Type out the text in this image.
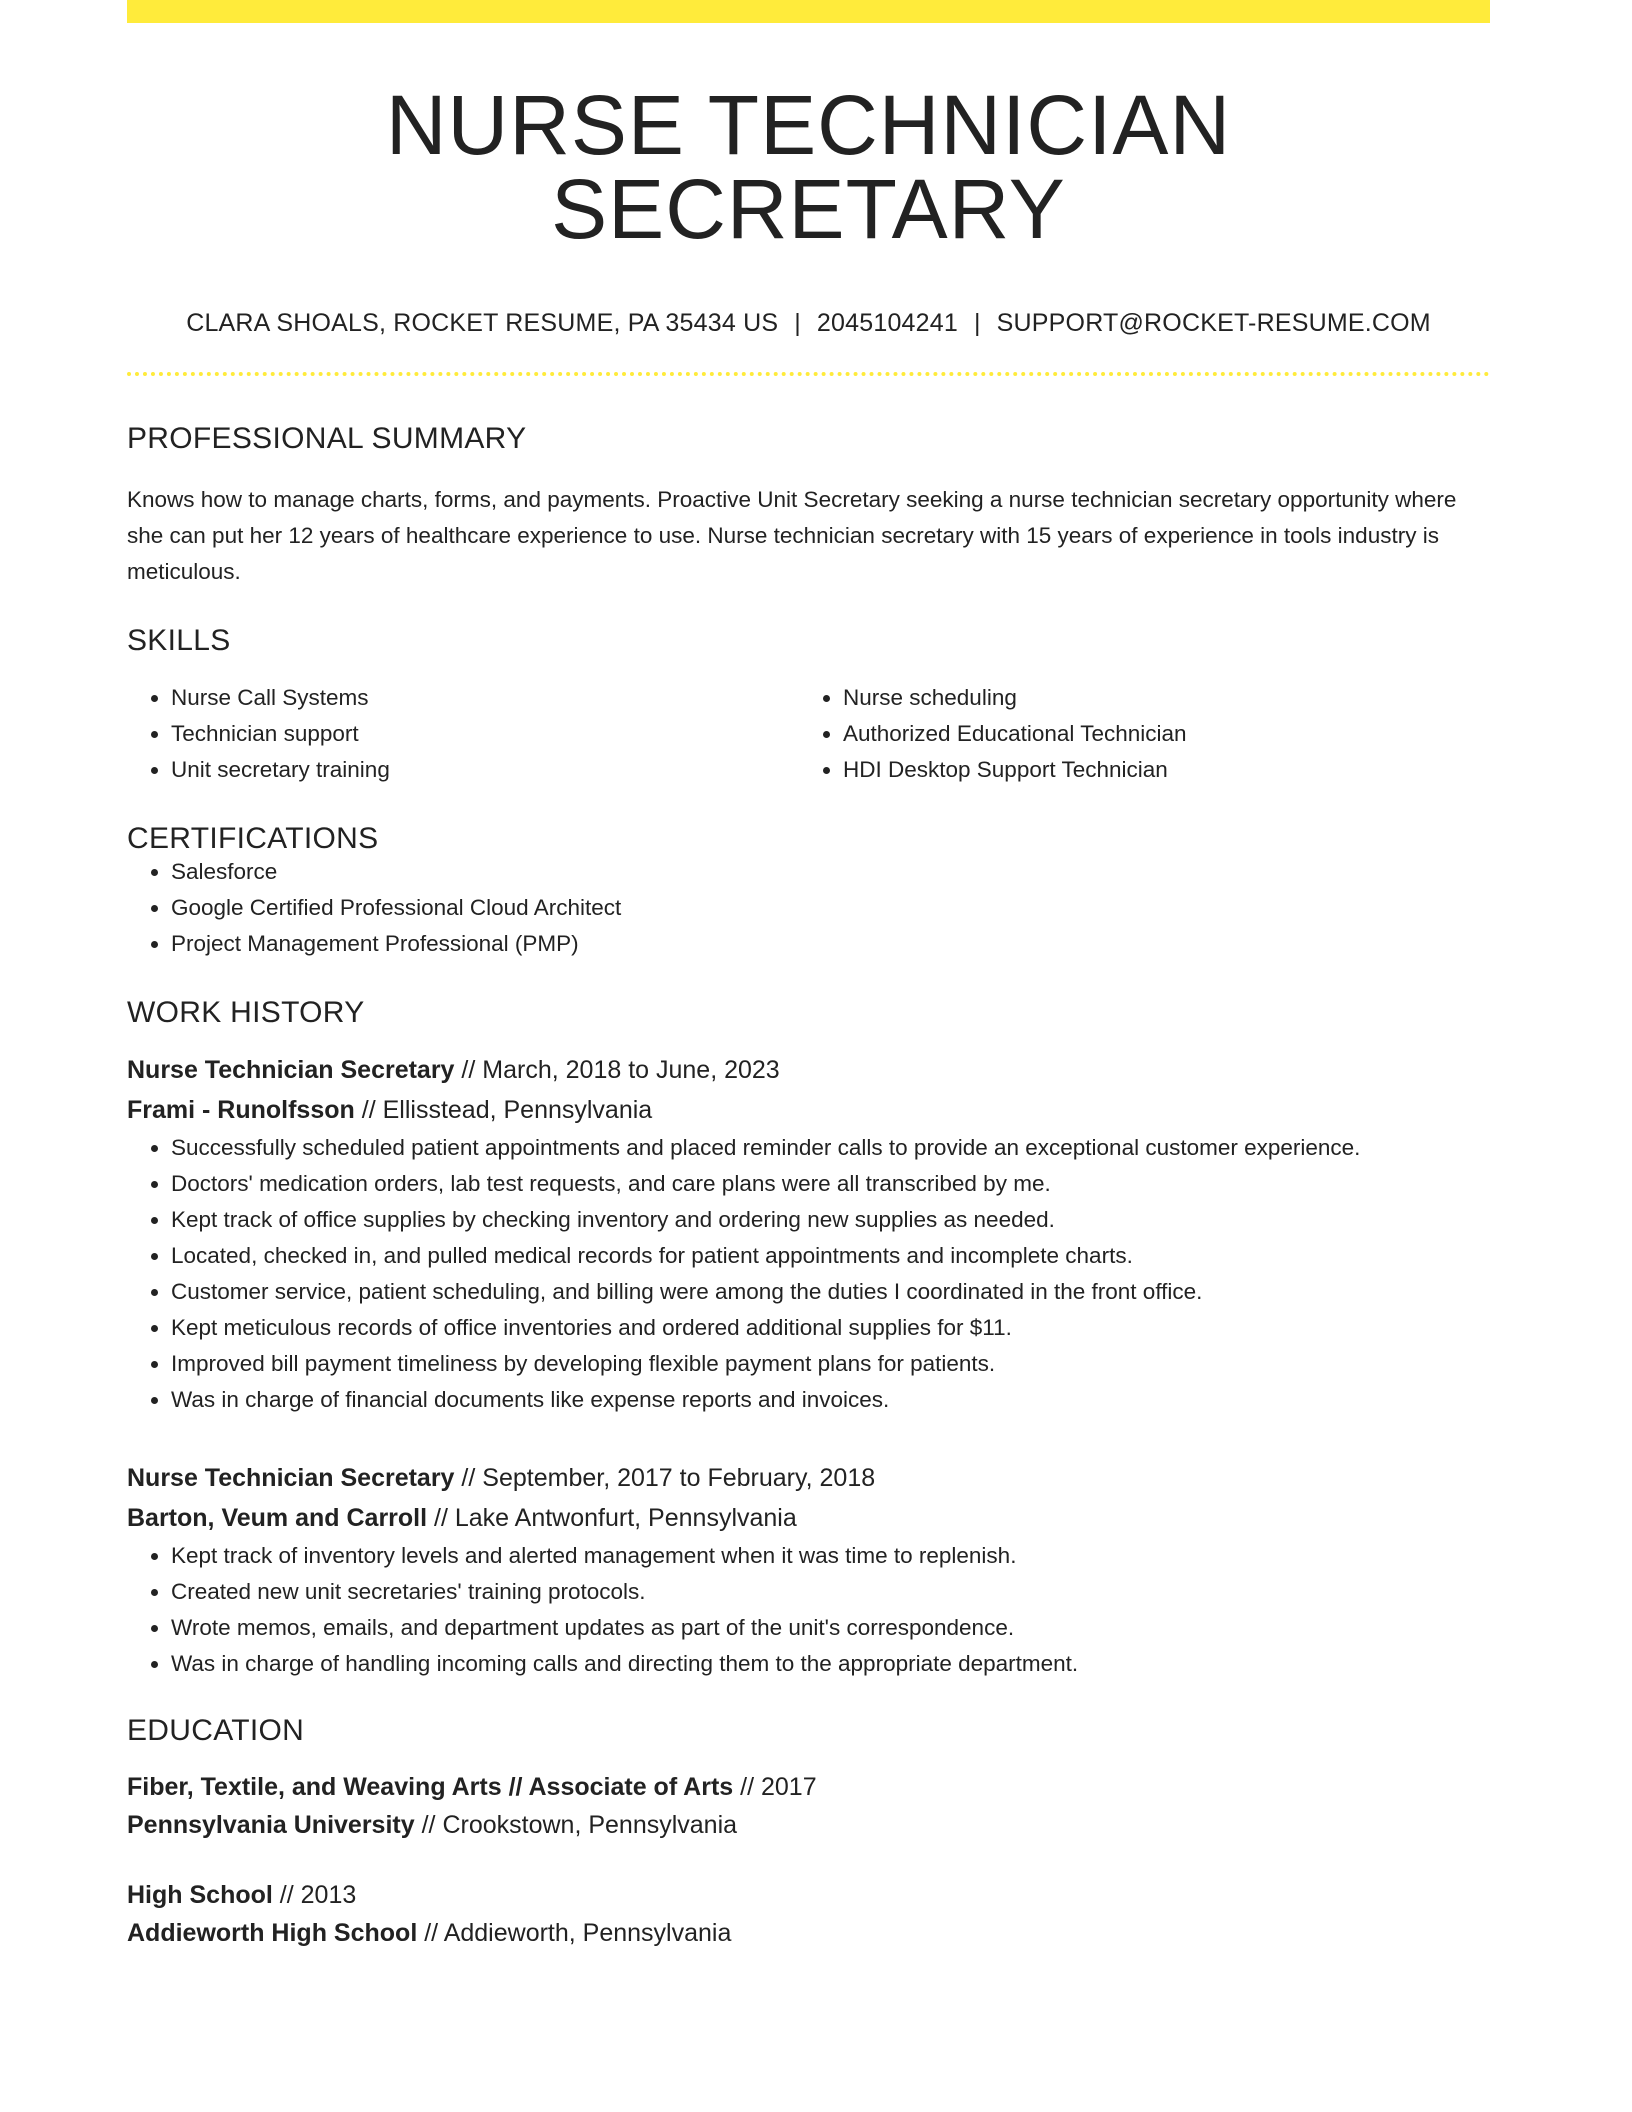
NURSE TECHNICIAN SECRETARY
CLARA SHOALS, ROCKET RESUME, PA 35434 US | 2045104241 | SUPPORT@ROCKET-RESUME.COM
PROFESSIONAL SUMMARY
Knows how to manage charts, forms, and payments. Proactive Unit Secretary seeking a nurse technician secretary opportunity where she can put her 12 years of healthcare experience to use. Nurse technician secretary with 15 years of experience in tools industry is meticulous.
SKILLS
• Nurse Call Systems
• Technician support
• Unit secretary training
• Nurse scheduling
• Authorized Educational Technician
• HDI Desktop Support Technician
CERTIFICATIONS
• Salesforce
• Google Certified Professional Cloud Architect
• Project Management Professional (PMP)
WORK HISTORY
Nurse Technician Secretary // March, 2018 to June, 2023
Frami - Runolfsson // Ellisstead, Pennsylvania
• Successfully scheduled patient appointments and placed reminder calls to provide an exceptional customer experience.
• Doctors' medication orders, lab test requests, and care plans were all transcribed by me.
• Kept track of office supplies by checking inventory and ordering new supplies as needed.
• Located, checked in, and pulled medical records for patient appointments and incomplete charts.
• Customer service, patient scheduling, and billing were among the duties I coordinated in the front office.
• Kept meticulous records of office inventories and ordered additional supplies for $11.
• Improved bill payment timeliness by developing flexible payment plans for patients.
• Was in charge of financial documents like expense reports and invoices.
Nurse Technician Secretary // September, 2017 to February, 2018
Barton, Veum and Carroll // Lake Antwonfurt, Pennsylvania
• Kept track of inventory levels and alerted management when it was time to replenish.
• Created new unit secretaries' training protocols.
• Wrote memos, emails, and department updates as part of the unit's correspondence.
• Was in charge of handling incoming calls and directing them to the appropriate department.
EDUCATION
Fiber, Textile, and Weaving Arts // Associate of Arts // 2017
Pennsylvania University // Crookstown, Pennsylvania
High School // 2013
Addieworth High School // Addieworth, Pennsylvania
